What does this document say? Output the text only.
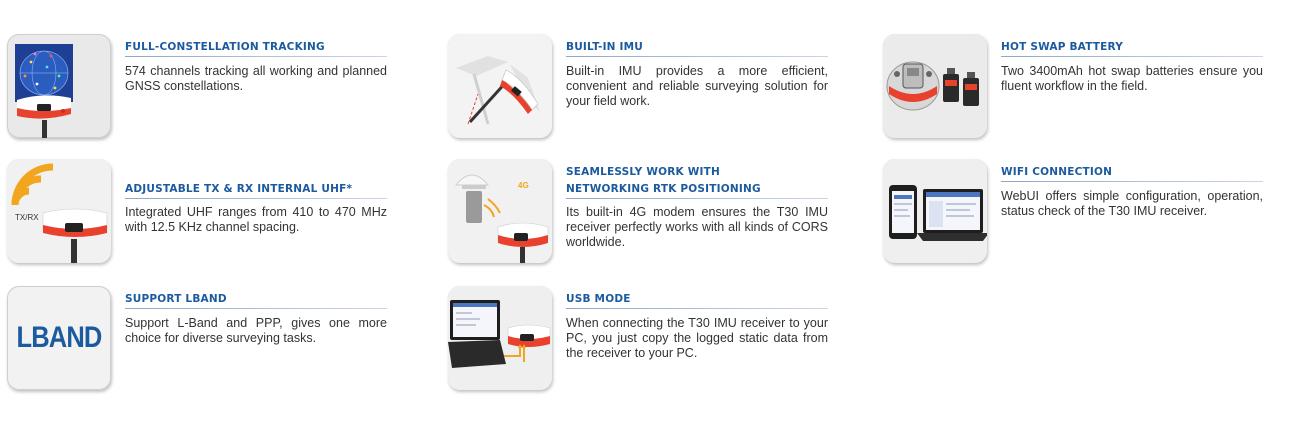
FULL-CONSTELLATION TRACKING
574 channels tracking all working and planned GNSS constellations.
BUILT-IN IMU
Built-in IMU provides a more efficient, convenient and reliable surveying solution for your field work.
HOT SWAP BATTERY
Two 3400mAh hot swap batteries ensure you fluent workflow in the field.
TX/RX
ADJUSTABLE TX & RX INTERNAL UHF*
Integrated UHF ranges from 410 to 470 MHz with 12.5 KHz channel spacing.
4G
SEAMLESSLY WORK WITH
NETWORKING RTK POSITIONING
Its built-in 4G modem ensures the T30 IMU receiver perfectly works with all kinds of CORS worldwide.
WIFI CONNECTION
WebUI offers simple configuration, operation, status check of the T30 IMU receiver.
LBAND
SUPPORT LBAND
Support L-Band and PPP, gives one more choice for diverse surveying tasks.
USB MODE
When connecting the T30 IMU receiver to your PC, you just copy the logged static data from the receiver to your PC.
